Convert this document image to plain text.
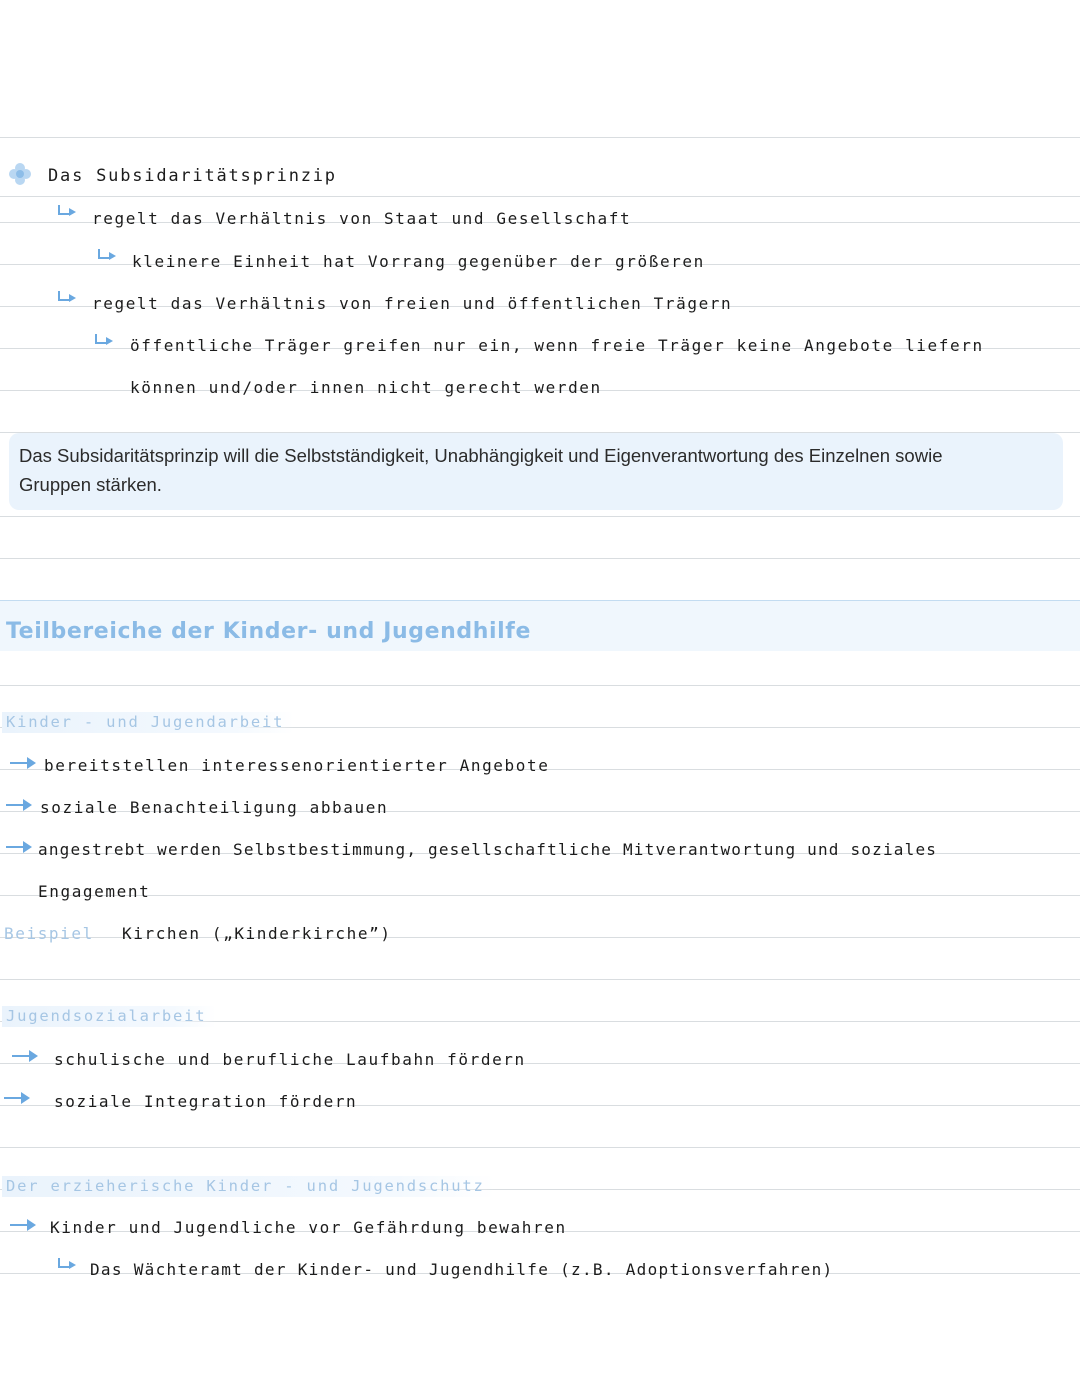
Das Subsidaritätsprinzip
regelt das Verhältnis von Staat und Gesellschaft
kleinere Einheit hat Vorrang gegenüber der größeren
regelt das Verhältnis von freien und öffentlichen Trägern
öffentliche Träger greifen nur ein, wenn freie Träger keine Angebote liefern
können und/oder innen nicht gerecht werden
Das Subsidaritätsprinzip will die Selbstständigkeit, Unabhängigkeit und Eigenverantwortung des Einzelnen sowie Gruppen stärken.
Teilbereiche der Kinder- und Jugendhilfe
Kinder - und Jugendarbeit
bereitstellen interessenorientierter Angebote
soziale Benachteiligung abbauen
angestrebt werden Selbstbestimmung, gesellschaftliche Mitverantwortung und soziales
Engagement
Beispiel Kirchen („Kinderkirche”)
Jugendsozialarbeit
schulische und berufliche Laufbahn fördern
soziale Integration fördern
Der erzieherische Kinder - und Jugendschutz
Kinder und Jugendliche vor Gefährdung bewahren
Das Wächteramt der Kinder- und Jugendhilfe (z.B. Adoptionsverfahren)
